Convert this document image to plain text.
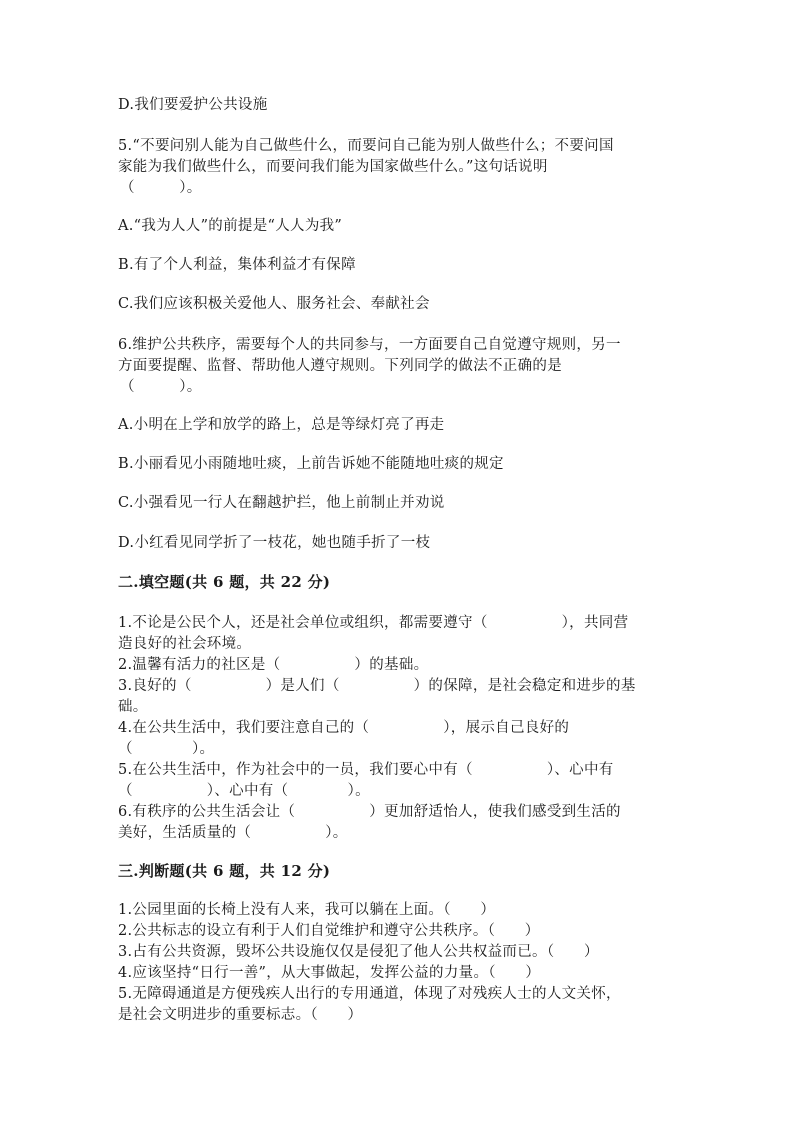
D.我们要爱护公共设施
5.“不要问别人能为自己做些什么，而要问自己能为别人做些什么；不要问国
家能为我们做些什么，而要问我们能为国家做些什么。”这句话说明
（　　　）。
A.“我为人人”的前提是“人人为我”
B.有了个人利益，集体利益才有保障
C.我们应该积极关爱他人、服务社会、奉献社会
6.维护公共秩序，需要每个人的共同参与，一方面要自己自觉遵守规则，另一
方面要提醒、监督、帮助他人遵守规则。下列同学的做法不正确的是
（　　　）。
A.小明在上学和放学的路上，总是等绿灯亮了再走
B.小丽看见小雨随地吐痰，上前告诉她不能随地吐痰的规定
C.小强看见一行人在翻越护拦，他上前制止并劝说
D.小红看见同学折了一枝花，她也随手折了一枝
二.填空题(共 6 题，共 22 分)
1.不论是公民个人，还是社会单位或组织，都需要遵守（　　　　　），共同营
造良好的社会环境。
2.温馨有活力的社区是（　　　　　）的基础。
3.良好的（　　　　　）是人们（　　　　　）的保障，是社会稳定和进步的基
础。
4.在公共生活中，我们要注意自己的（　　　　　），展示自己良好的
（　　　　）。
5.在公共生活中，作为社会中的一员，我们要心中有（　　　　　）、心中有
（　　　　　）、心中有（　　　　）。
6.有秩序的公共生活会让（　　　　　）更加舒适怡人，使我们感受到生活的
美好，生活质量的（　　　　　）。
三.判断题(共 6 题，共 12 分)
1.公园里面的长椅上没有人来，我可以躺在上面。（　　）
2.公共标志的设立有利于人们自觉维护和遵守公共秩序。（　　）
3.占有公共资源，毁坏公共设施仅仅是侵犯了他人公共权益而已。（　　）
4.应该坚持“日行一善”，从大事做起，发挥公益的力量。（　　）
5.无障碍通道是方便残疾人出行的专用通道，体现了对残疾人士的人文关怀，
是社会文明进步的重要标志。（　　）
